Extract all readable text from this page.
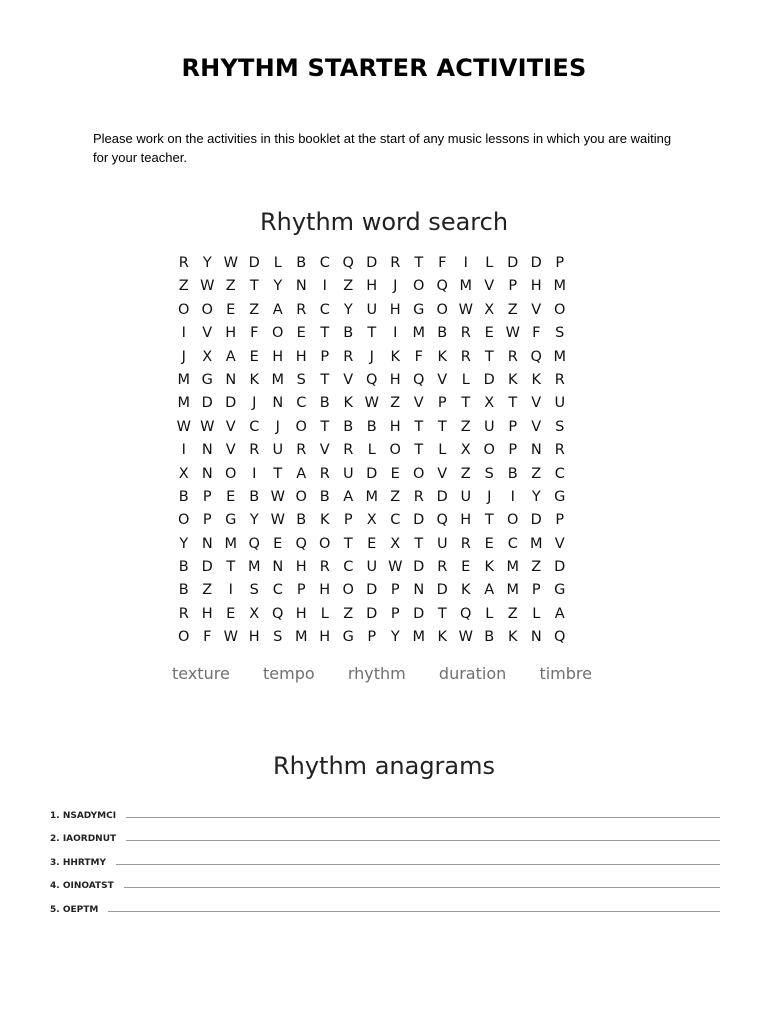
RHYTHM STARTER ACTIVITIES
Please work on the activities in this booklet at the start of any music lessons in which you are waiting for your teacher.
Rhythm word search
R Y W D L B C Q D R T	F	I	L D D P
Z W Z T	Y N	I	Z H	J	O Q M V P H M
O O E Z A R C Y U H G O W X Z V O
I	V H F O E T B T	I	M B R E W F	S
J	X A E H H P R	J	K	F	K R T R Q M
M G N K M S T V Q H Q V	L D K K R
M D D	J	N C B K W Z V P	T X T V U
W W V C	J	O T B B H T	T Z U P V S
I	N V R U R V R L O T	L X O P N R
X N O	I	T A R U D E O V Z S B Z C
B P	E B W O B A M Z R D U	J	I	Y G
O P G Y W B K P X C D Q H T O D P
Y N M Q E Q O T E X T U R E C M V
B D T M N H R C U W D R E K M Z D
B Z	I	S C P H O D P N D K A M P G
R H E X Q H L Z D P D T Q L Z L A
O F W H S M H G P	Y M K W B K N Q
texture tempo rhythm duration timbre
Rhythm anagrams
1. NSADYMCI
2. IAORDNUT
3. HHRTMY
4. OINOATST
5. OEPTM
